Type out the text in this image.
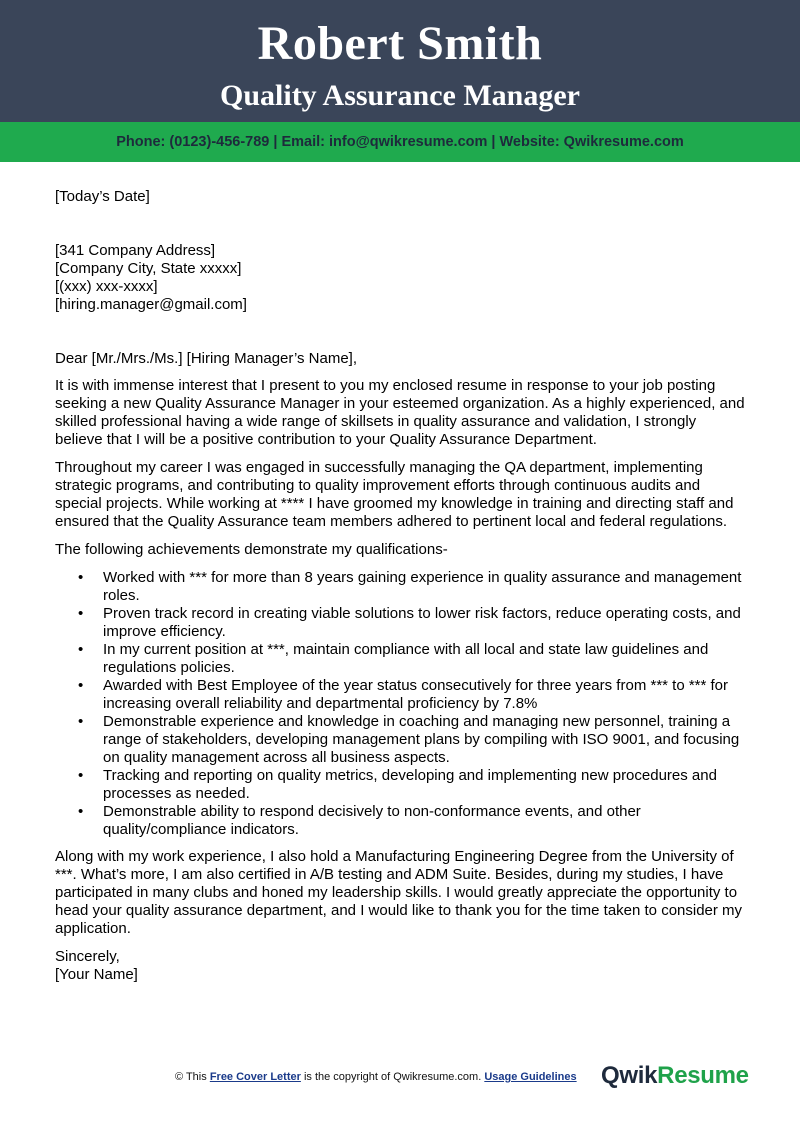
Robert Smith
Quality Assurance Manager
Phone: (0123)-456-789 | Email: info@qwikresume.com | Website: Qwikresume.com

[Today’s Date]

[341 Company Address]

[Company City, State xxxxx]

[(xxx) xxx-xxxx]

[hiring.manager@gmail.com]

Dear [Mr./Mrs./Ms.] [Hiring Manager’s Name],

It is with immense interest that I present to you my enclosed resume in response to your job posting seeking a new Quality Assurance Manager in your esteemed organization. As a highly experienced, and skilled professional having a wide range of skillsets in quality assurance and validation, I strongly believe that I will be a positive contribution to your Quality Assurance Department.

Throughout my career I was engaged in successfully managing the QA department, implementing strategic programs, and contributing to quality improvement efforts through continuous audits and special projects. While working at **** I have groomed my knowledge in training and directing staff and ensured that the Quality Assurance team members adhered to pertinent local and federal regulations.

The following achievements demonstrate my qualifications-

• Worked with *** for more than 8 years gaining experience in quality assurance and management roles.
• Proven track record in creating viable solutions to lower risk factors, reduce operating costs, and improve efficiency.
• In my current position at ***, maintain compliance with all local and state law guidelines and regulations policies.
• Awarded with Best Employee of the year status consecutively for three years from *** to *** for increasing overall reliability and departmental proficiency by 7.8%
• Demonstrable experience and knowledge in coaching and managing new personnel, training a range of stakeholders, developing management plans by compiling with ISO 9001, and focusing on quality management across all business aspects.
• Tracking and reporting on quality metrics, developing and implementing new procedures and processes as needed.
• Demonstrable ability to respond decisively to non-conformance events, and other quality/compliance indicators.

Along with my work experience, I also hold a Manufacturing Engineering Degree from the University of ***. What’s more, I am also certified in A/B testing and ADM Suite. Besides, during my studies, I have participated in many clubs and honed my leadership skills. I would greatly appreciate the opportunity to head your quality assurance department, and I would like to thank you for the time taken to consider my application.

Sincerely,

[Your Name]

© This Free Cover Letter is the copyright of Qwikresume.com. Usage Guidelines QwikResume
